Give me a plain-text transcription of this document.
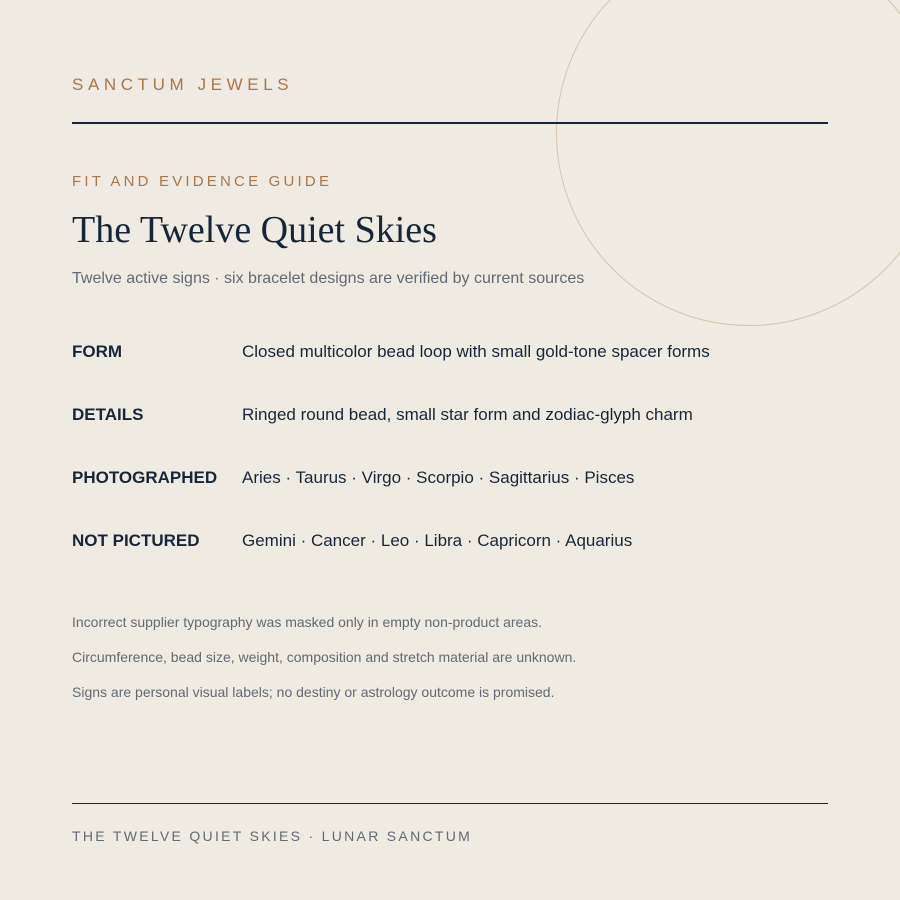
SANCTUM JEWELS
FIT AND EVIDENCE GUIDE
The Twelve Quiet Skies
Twelve active signs · six bracelet designs are verified by current sources
FORM	Closed multicolor bead loop with small gold-tone spacer forms
DETAILS	Ringed round bead, small star form and zodiac-glyph charm
PHOTOGRAPHED Aries · Taurus · Virgo · Scorpio · Sagittarius · Pisces
NOT PICTURED	Gemini · Cancer · Leo · Libra · Capricorn · Aquarius
Incorrect supplier typography was masked only in empty non-product areas.
Circumference, bead size, weight, composition and stretch material are unknown.
Signs are personal visual labels; no destiny or astrology outcome is promised.
THE TWELVE QUIET SKIES · LUNAR SANCTUM
